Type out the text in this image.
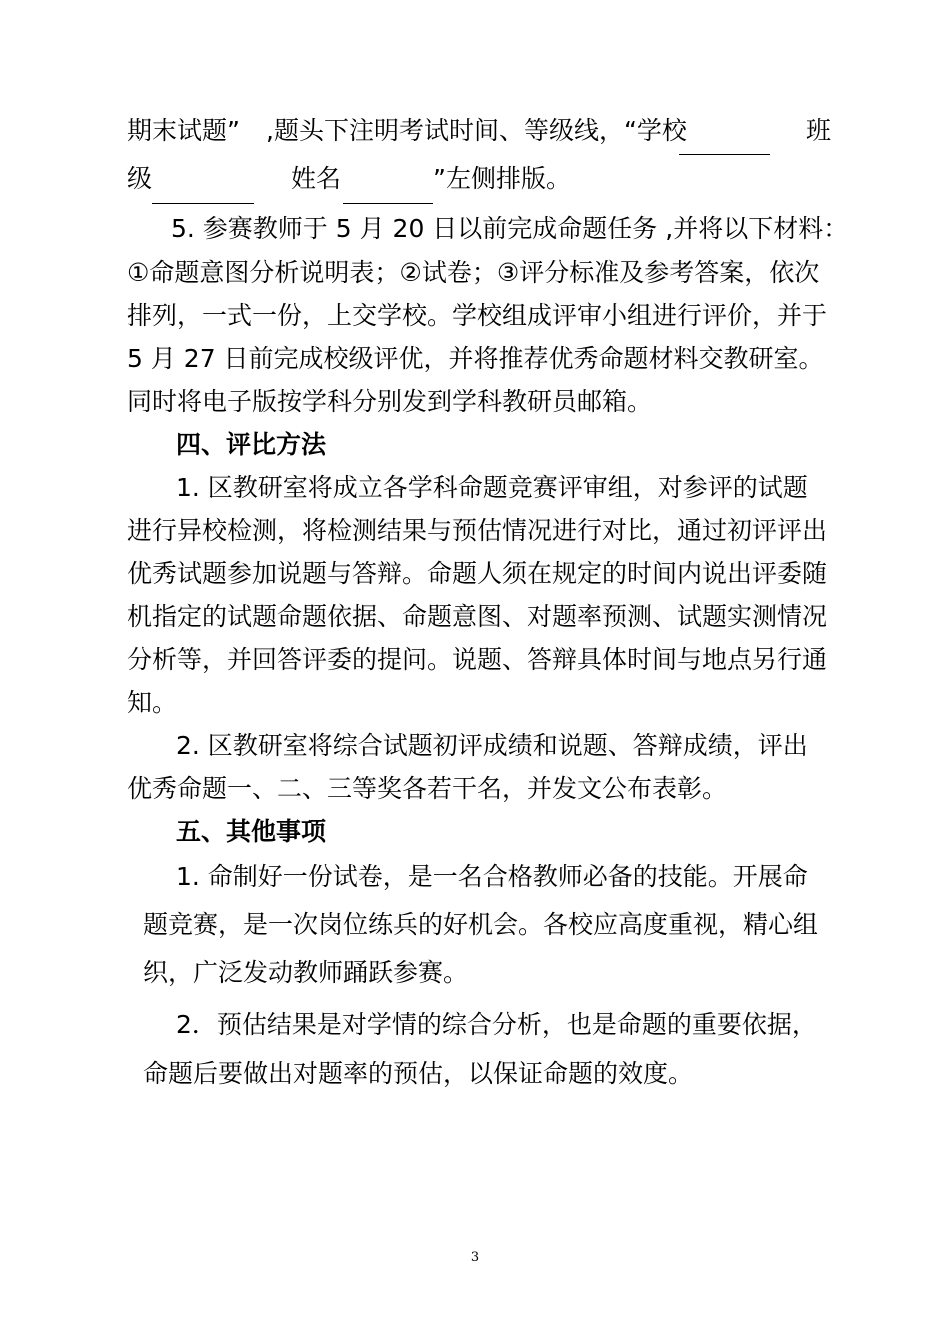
期末试题” ,题头下注明考试时间、等级线，“学校	班
级	姓名	”左侧排版。

5. 参赛教师于 5 月 20 日以前完成命题任务 ,并将以下材料：

①命题意图分析说明表；②试卷；③评分标准及参考答案，依次

排列，一式一份，上交学校。学校组成评审小组进行评价，并于

5 月 27 日前完成校级评优，并将推荐优秀命题材料交教研室。

同时将电子版按学科分别发到学科教研员邮箱。

四、评比方法

1. 区教研室将成立各学科命题竞赛评审组，对参评的试题

进行异校检测，将检测结果与预估情况进行对比，通过初评评出

优秀试题参加说题与答辩。命题人须在规定的时间内说出评委随

机指定的试题命题依据、命题意图、对题率预测、试题实测情况

分析等，并回答评委的提问。说题、答辩具体时间与地点另行通

知。

2. 区教研室将综合试题初评成绩和说题、答辩成绩，评出

优秀命题一、二、三等奖各若干名，并发文公布表彰。

五、其他事项

1. 命制好一份试卷，是一名合格教师必备的技能。开展命

题竞赛，是一次岗位练兵的好机会。各校应高度重视，精心组

织，广泛发动教师踊跃参赛。

2．预估结果是对学情的综合分析，也是命题的重要依据，

命题后要做出对题率的预估，以保证命题的效度。

3
